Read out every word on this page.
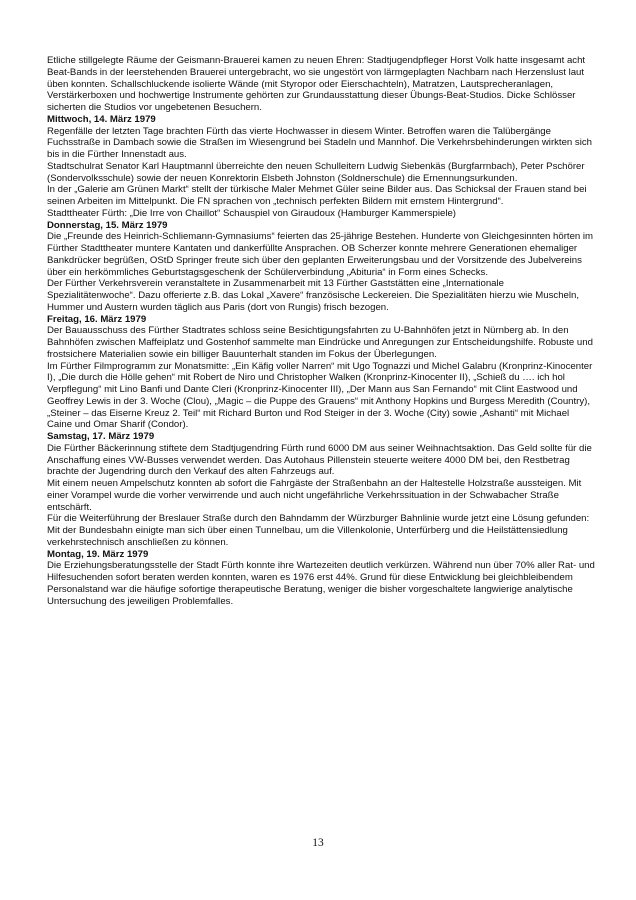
Etliche stillgelegte Räume der Geismann-Brauerei kamen zu neuen Ehren: Stadtjugendpfleger Horst Volk hatte insgesamt acht Beat-Bands in der leerstehenden Brauerei untergebracht, wo sie ungestört von lärmgeplagten Nachbarn nach Herzenslust laut üben konnten. Schallschluckende isolierte Wände (mit Styropor oder Eierschachteln), Matratzen, Lautsprecheranlagen, Verstärkerboxen und hochwertige Instrumente gehörten zur Grundausstattung dieser Übungs-Beat-Studios. Dicke Schlösser sicherten die Studios vor ungebetenen Besuchern.

Mittwoch, 14. März 1979

Regenfälle der letzten Tage brachten Fürth das vierte Hochwasser in diesem Winter. Betroffen waren die Talübergänge Fuchsstraße in Dambach sowie die Straßen im Wiesengrund bei Stadeln und Mannhof. Die Verkehrsbehinderungen wirkten sich bis in die Fürther Innenstadt aus.

Stadtschulrat Senator Karl Hauptmannl überreichte den neuen Schulleitern Ludwig Siebenkäs (Burgfarrnbach), Peter Pschörer (Sondervolksschule) sowie der neuen Konrektorin Elsbeth Johnston (Soldnerschule) die Ernennungsurkunden.

In der „Galerie am Grünen Markt“ stellt der türkische Maler Mehmet Güler seine Bilder aus. Das Schicksal der Frauen stand bei seinen Arbeiten im Mittelpunkt. Die FN sprachen von „technisch perfekten Bildern mit ernstem Hintergrund“.

Stadttheater Fürth: „Die Irre von Chaillot“ Schauspiel von Giraudoux (Hamburger Kammerspiele)

Donnerstag, 15. März 1979

Die „Freunde des Heinrich-Schliemann-Gymnasiums“ feierten das 25-jährige Bestehen. Hunderte von Gleichgesinnten hörten im Fürther Stadttheater muntere Kantaten und dankerfüllte Ansprachen. OB Scherzer konnte mehrere Generationen ehemaliger Bankdrücker begrüßen, OStD Springer freute sich über den geplanten Erweiterungsbau und der Vorsitzende des Jubelvereins über ein herkömmliches Geburtstagsgeschenk der Schülerverbindung „Abituria“ in Form eines Schecks.

Der Fürther Verkehrsverein veranstaltete in Zusammenarbeit mit 13 Fürther Gaststätten eine „Internationale Spezialitätenwoche“. Dazu offerierte z.B. das Lokal „Xavere“ französische Leckereien. Die Spezialitäten hierzu wie Muscheln, Hummer und Austern wurden täglich aus Paris (dort von Rungis) frisch bezogen.

Freitag, 16. März 1979

Der Bauausschuss des Fürther Stadtrates schloss seine Besichtigungsfahrten zu U-Bahnhöfen jetzt in Nürnberg ab. In den Bahnhöfen zwischen Maffeiplatz und Gostenhof sammelte man Eindrücke und Anregungen zur Entscheidungshilfe. Robuste und frostsichere Materialien sowie ein billiger Bauunterhalt standen im Fokus der Überlegungen.

Im Fürther Filmprogramm zur Monatsmitte: „Ein Käfig voller Narren“ mit Ugo Tognazzi und Michel Galabru (Kronprinz-Kinocenter I), „Die durch die Hölle gehen“ mit Robert de Niro und Christopher Walken (Kronprinz-Kinocenter II), „Schieß du …. ich hol Verpflegung“ mit Lino Banfi und Dante Cleri (Kronprinz-Kinocenter III), „Der Mann aus San Fernando“ mit Clint Eastwood und Geoffrey Lewis in der 3. Woche (Clou), „Magic – die Puppe des Grauens“ mit Anthony Hopkins und Burgess Meredith (Country), „Steiner – das Eiserne Kreuz 2. Teil“ mit Richard Burton und Rod Steiger in der 3. Woche (City) sowie „Ashanti“ mit Michael Caine und Omar Sharif (Condor).

Samstag, 17. März 1979

Die Fürther Bäckerinnung stiftete dem Stadtjugendring Fürth rund 6000 DM aus seiner Weihnachtsaktion. Das Geld sollte für die Anschaffung eines VW-Busses verwendet werden. Das Autohaus Pillenstein steuerte weitere 4000 DM bei, den Restbetrag brachte der Jugendring durch den Verkauf des alten Fahrzeugs auf.

Mit einem neuen Ampelschutz konnten ab sofort die Fahrgäste der Straßenbahn an der Haltestelle Holzstraße aussteigen. Mit einer Vorampel wurde die vorher verwirrende und auch nicht ungefährliche Verkehrssituation in der Schwabacher Straße entschärft.

Für die Weiterführung der Breslauer Straße durch den Bahndamm der Würzburger Bahnlinie wurde jetzt eine Lösung gefunden: Mit der Bundesbahn einigte man sich über einen Tunnelbau, um die Villenkolonie, Unterfürberg und die Heilstättensiedlung verkehrstechnisch anschließen zu können.

Montag, 19. März 1979

Die Erziehungsberatungsstelle der Stadt Fürth konnte ihre Wartezeiten deutlich verkürzen. Während nun über 70% aller Rat- und Hilfesuchenden sofort beraten werden konnten, waren es 1976 erst 44%. Grund für diese Entwicklung bei gleichbleibendem Personalstand war die häufige sofortige therapeutische Beratung, weniger die bisher vorgeschaltete langwierige analytische Untersuchung des jeweiligen Problemfalles.

13
